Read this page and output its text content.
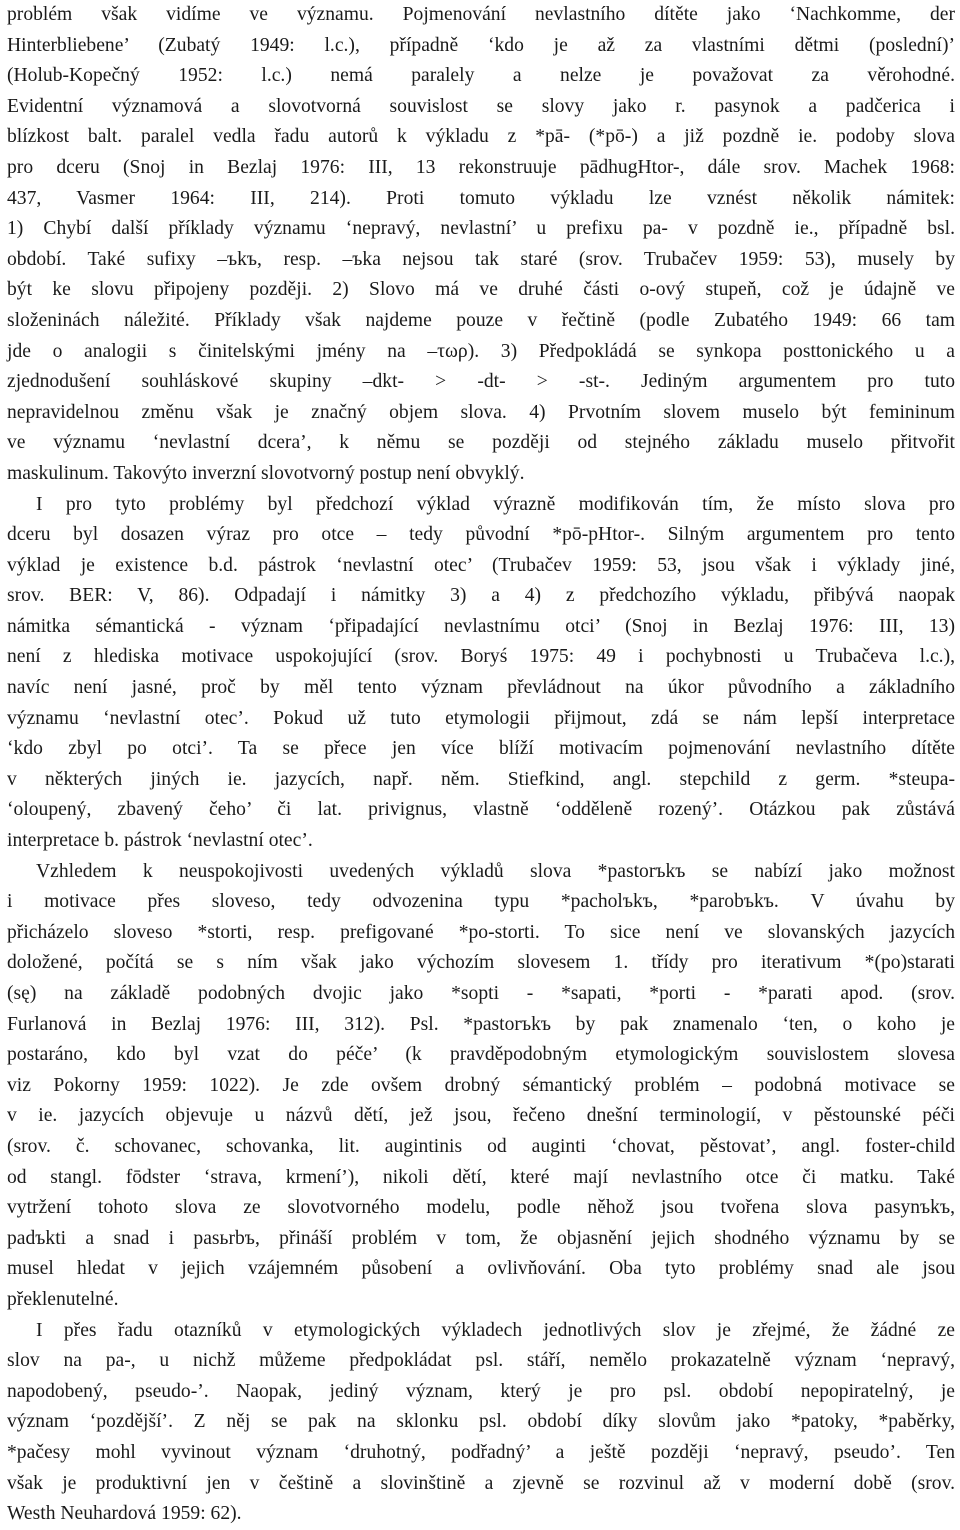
problém však vidíme ve významu. Pojmenování nevlastního dítěte jako ‘Nachkomme, der
Hinterbliebene’ (Zubatý 1949: l.c.), případně ‘kdo je až za vlastními dětmi (poslední)’
(Holub-Kopečný 1952: l.c.) nemá paralely a nelze je považovat za věrohodné.
Evidentní významová a slovotvorná souvislost se slovy jako r. pasynok a padčerica i
blízkost balt. paralel vedla řadu autorů k výkladu z *pā- (*pō-) a již pozdně ie. podoby slova
pro dceru (Snoj in Bezlaj 1976: III, 13 rekonstruuje pādhugHtor-, dále srov. Machek 1968:
437, Vasmer 1964: III, 214). Proti tomuto výkladu lze vznést několik námitek:
1) Chybí další příklady významu ‘nepravý, nevlastní’ u prefixu pa- v pozdně ie., případně bsl.
období. Také sufixy –ъkъ, resp. –ъka nejsou tak staré (srov. Trubačev 1959: 53), musely by
být ke slovu připojeny později. 2) Slovo má ve druhé části o-ový stupeň, což je údajně ve
složeninách náležité. Příklady však najdeme pouze v řečtině (podle Zubatého 1949: 66 tam
jde o analogii s činitelskými jmény na –τωρ). 3) Předpokládá se synkopa posttonického u a
zjednodušení souhláskové skupiny –dkt- > -dt- > -st-. Jediným argumentem pro tuto
nepravidelnou změnu však je značný objem slova. 4) Prvotním slovem muselo být femininum
ve významu ‘nevlastní dcera’, k němu se později od stejného základu muselo přitvořit
maskulinum. Takovýto inverzní slovotvorný postup není obvyklý.
I pro tyto problémy byl předchozí výklad výrazně modifikován tím, že místo slova pro
dceru byl dosazen výraz pro otce – tedy původní *pō-pHtor-. Silným argumentem pro tento
výklad je existence b.d. pástrok ‘nevlastní otec’ (Trubačev 1959: 53, jsou však i výklady jiné,
srov. BER: V, 86). Odpadají i námitky 3) a 4) z předchozího výkladu, přibývá naopak
námitka sémantická - význam ‘připadající nevlastnímu otci’ (Snoj in Bezlaj 1976: III, 13)
není z hlediska motivace uspokojující (srov. Boryś 1975: 49 i pochybnosti u Trubačeva l.c.),
navíc není jasné, proč by měl tento význam převládnout na úkor původního a základního
významu ‘nevlastní otec’. Pokud už tuto etymologii přijmout, zdá se nám lepší interpretace
‘kdo zbyl po otci’. Ta se přece jen více blíží motivacím pojmenování nevlastního dítěte
v některých jiných ie. jazycích, např. něm. Stiefkind, angl. stepchild z germ. *steupa-
‘oloupený, zbavený čeho’ či lat. privignus, vlastně ‘odděleně rozený’. Otázkou pak zůstává
interpretace b. pástrok ‘nevlastní otec’.
Vzhledem k neuspokojivosti uvedených výkladů slova *pastorъkъ se nabízí jako možnost
i motivace přes sloveso, tedy odvozenina typu *pacholъkъ, *parobъkъ. V úvahu by
přicházelo sloveso *storti, resp. prefigované *po-storti. To sice není ve slovanských jazycích
doložené, počítá se s ním však jako výchozím slovesem 1. třídy pro iterativum *(po)starati
(sę) na základě podobných dvojic jako *sopti - *sapati, *porti - *parati apod. (srov.
Furlanová in Bezlaj 1976: III, 312). Psl. *pastorъkъ by pak znamenalo ‘ten, o koho je
postaráno, kdo byl vzat do péče’ (k pravděpodobným etymologickým souvislostem slovesa
viz Pokorny 1959: 1022). Je zde ovšem drobný sémantický problém – podobná motivace se
v ie. jazycích objevuje u názvů dětí, jež jsou, řečeno dnešní terminologií, v pěstounské péči
(srov. č. schovanec, schovanka, lit. augintinis od auginti ‘chovat, pěstovat’, angl. foster-child
od stangl. fōdster ‘strava, krmení’), nikoli dětí, které mají nevlastního otce či matku. Také
vytržení tohoto slova ze slovotvorného modelu, podle něhož jsou tvořena slova pasynъkъ,
padъkti a snad i pasьrbъ, přináší problém v tom, že objasnění jejich shodného významu by se
musel hledat v jejich vzájemném působení a ovlivňování. Oba tyto problémy snad ale jsou
překlenutelné.
I přes řadu otazníků v etymologických výkladech jednotlivých slov je zřejmé, že žádné ze
slov na pa-, u nichž můžeme předpokládat psl. stáří, nemělo prokazatelně význam ‘nepravý,
napodobený, pseudo-’. Naopak, jediný význam, který je pro psl. období nepopiratelný, je
význam ‘pozdější’. Z něj se pak na sklonku psl. období díky slovům jako *patoky, *paběrky,
*pačesy mohl vyvinout význam ‘druhotný, podřadný’ a ještě později ‘nepravý, pseudo’. Ten
však je produktivní jen v češtině a slovinštině a zjevně se rozvinul až v moderní době (srov.
Westh Neuhardová 1959: 62).
